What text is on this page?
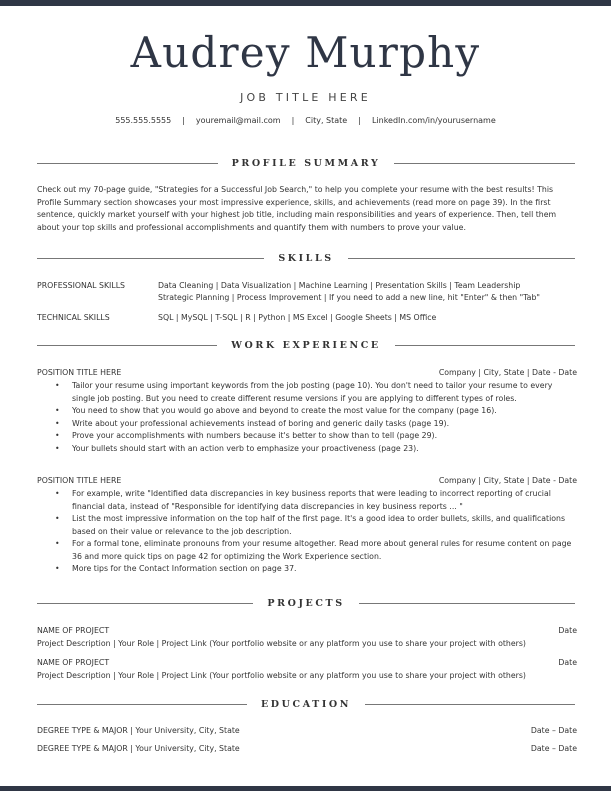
Audrey Murphy
JOB TITLE HERE
555.555.5555 | youremail@mail.com | City, State | LinkedIn.com/in/yourusername
PROFILE SUMMARY

Check out my 70-page guide, "Strategies for a Successful Job Search," to help you complete your resume with the best results! This Profile Summary section showcases your most impressive experience, skills, and achievements (read more on page 39). In the first sentence, quickly market yourself with your highest job title, including main responsibilities and years of experience. Then, tell them about your top skills and professional accomplishments and quantify them with numbers to prove your value.

SKILLS
PROFESSIONAL SKILLS	Data Cleaning | Data Visualization | Machine Learning | Presentation Skills | Team Leadership
Strategic Planning | Process Improvement | If you need to add a new line, hit "Enter" & then "Tab"
TECHNICAL SKILLS	SQL | MySQL | T-SQL | R | Python | MS Excel | Google Sheets | MS Office
WORK EXPERIENCE
POSITION TITLE HERE	Company | City, State | Date - Date
• Tailor your resume using important keywords from the job posting (page 10). You don't need to tailor your resume to every single job posting. But you need to create different resume versions if you are applying to different types of roles.
• You need to show that you would go above and beyond to create the most value for the company (page 16).
• Write about your professional achievements instead of boring and generic daily tasks (page 19).
• Prove your accomplishments with numbers because it's better to show than to tell (page 29).
• Your bullets should start with an action verb to emphasize your proactiveness (page 23).
POSITION TITLE HERE	Company | City, State | Date - Date
• For example, write "Identified data discrepancies in key business reports that were leading to incorrect reporting of crucial financial data, instead of "Responsible for identifying data discrepancies in key business reports ... "
• List the most impressive information on the top half of the first page. It's a good idea to order bullets, skills, and qualifications based on their value or relevance to the job description.
• For a formal tone, eliminate pronouns from your resume altogether. Read more about general rules for resume content on page 36 and more quick tips on page 42 for optimizing the Work Experience section.
• More tips for the Contact Information section on page 37.
PROJECTS
NAME OF PROJECT	Date
Project Description | Your Role | Project Link (Your portfolio website or any platform you use to share your project with others)
NAME OF PROJECT	Date
Project Description | Your Role | Project Link (Your portfolio website or any platform you use to share your project with others)
EDUCATION
DEGREE TYPE & MAJOR | Your University, City, State	Date – Date
DEGREE TYPE & MAJOR | Your University, City, State	Date – Date
